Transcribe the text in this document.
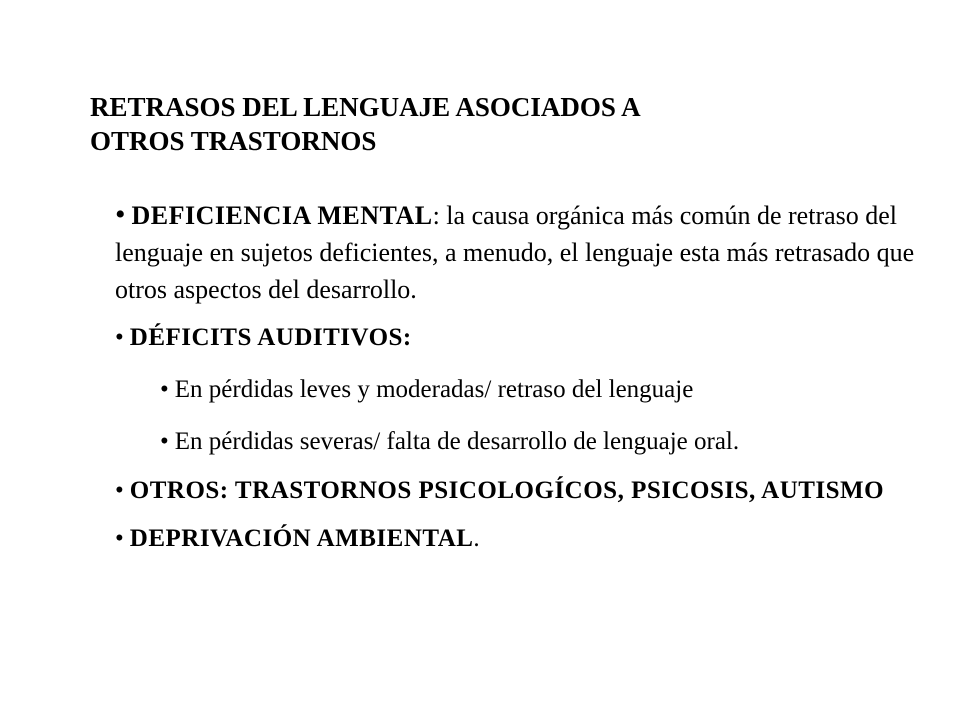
RETRASOS DEL LENGUAJE ASOCIADOS A
OTROS TRASTORNOS

• DEFICIENCIA MENTAL: la causa orgánica más común de retraso del lenguaje en sujetos deficientes, a menudo, el lenguaje esta más retrasado que otros aspectos del desarrollo.

• DÉFICITS AUDITIVOS:

• En pérdidas leves y moderadas/ retraso del lenguaje

• En pérdidas severas/ falta de desarrollo de lenguaje oral.

• OTROS: TRASTORNOS PSICOLOGÍCOS, PSICOSIS, AUTISMO

• DEPRIVACIÓN AMBIENTAL.
